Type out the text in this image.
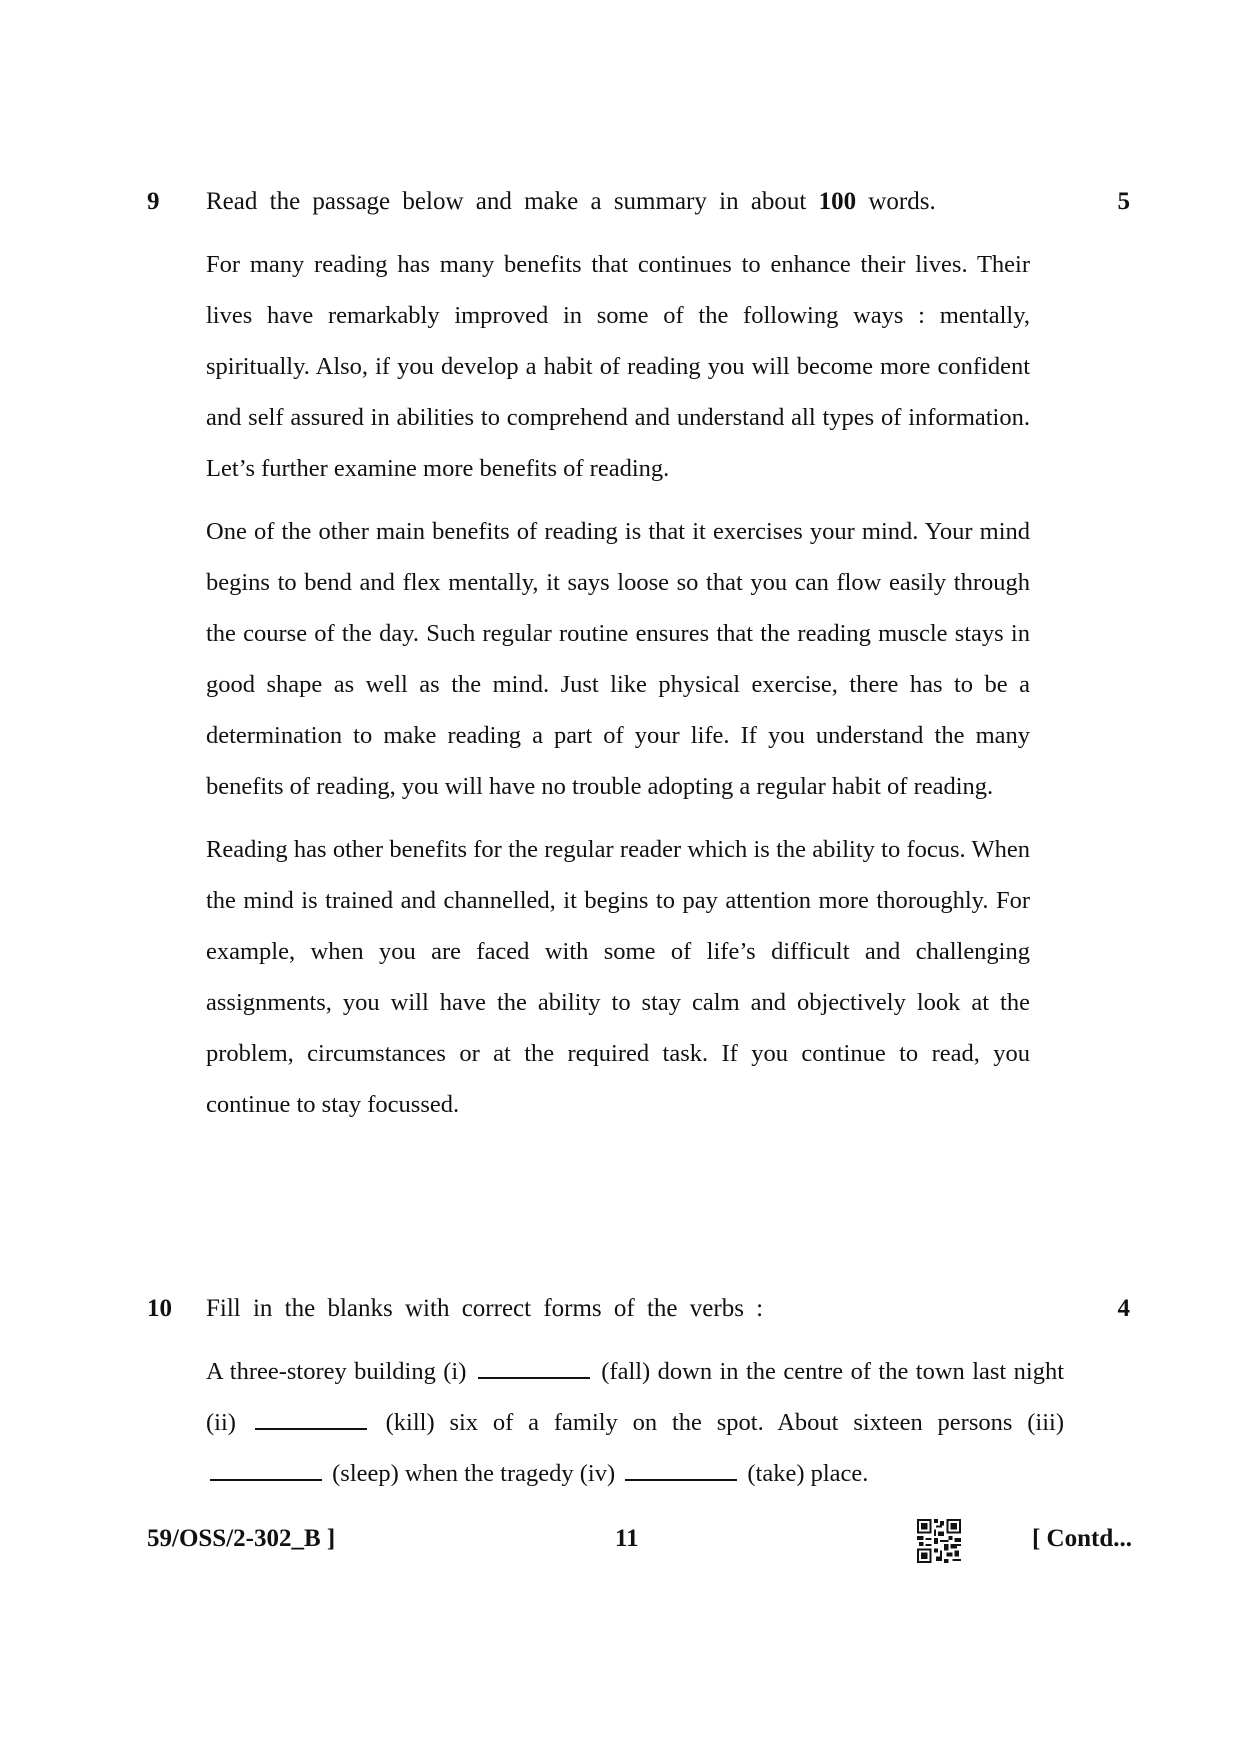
9 Read the passage below and make a summary in about 100 words.	5

For many reading has many benefits that continues to enhance their lives. Their lives have remarkably improved in some of the following ways : mentally, spiritually. Also, if you develop a habit of reading you will become more confident and self assured in abilities to comprehend and understand all types of information. Let’s further examine more benefits of reading.

One of the other main benefits of reading is that it exercises your mind. Your mind begins to bend and flex mentally, it says loose so that you can flow easily through the course of the day. Such regular routine ensures that the reading muscle stays in good shape as well as the mind. Just like physical exercise, there has to be a determination to make reading a part of your life. If you understand the many benefits of reading, you will have no trouble adopting a regular habit of reading.

Reading has other benefits for the regular reader which is the ability to focus. When the mind is trained and channelled, it begins to pay attention more thoroughly. For example, when you are faced with some of life’s difficult and challenging assignments, you will have the ability to stay calm and objectively look at the problem, circumstances or at the required task. If you continue to read, you continue to stay focussed.

10 Fill in the blanks with correct forms of the verbs :	4
A three-storey building (i)	(fall) down in the centre of the town last night (ii)	(kill) six of a family on the spot. About sixteen persons (iii)  (sleep) when the tragedy (iv)	(take) place.
59/OSS/2-302_B ]	11	[ Contd...
